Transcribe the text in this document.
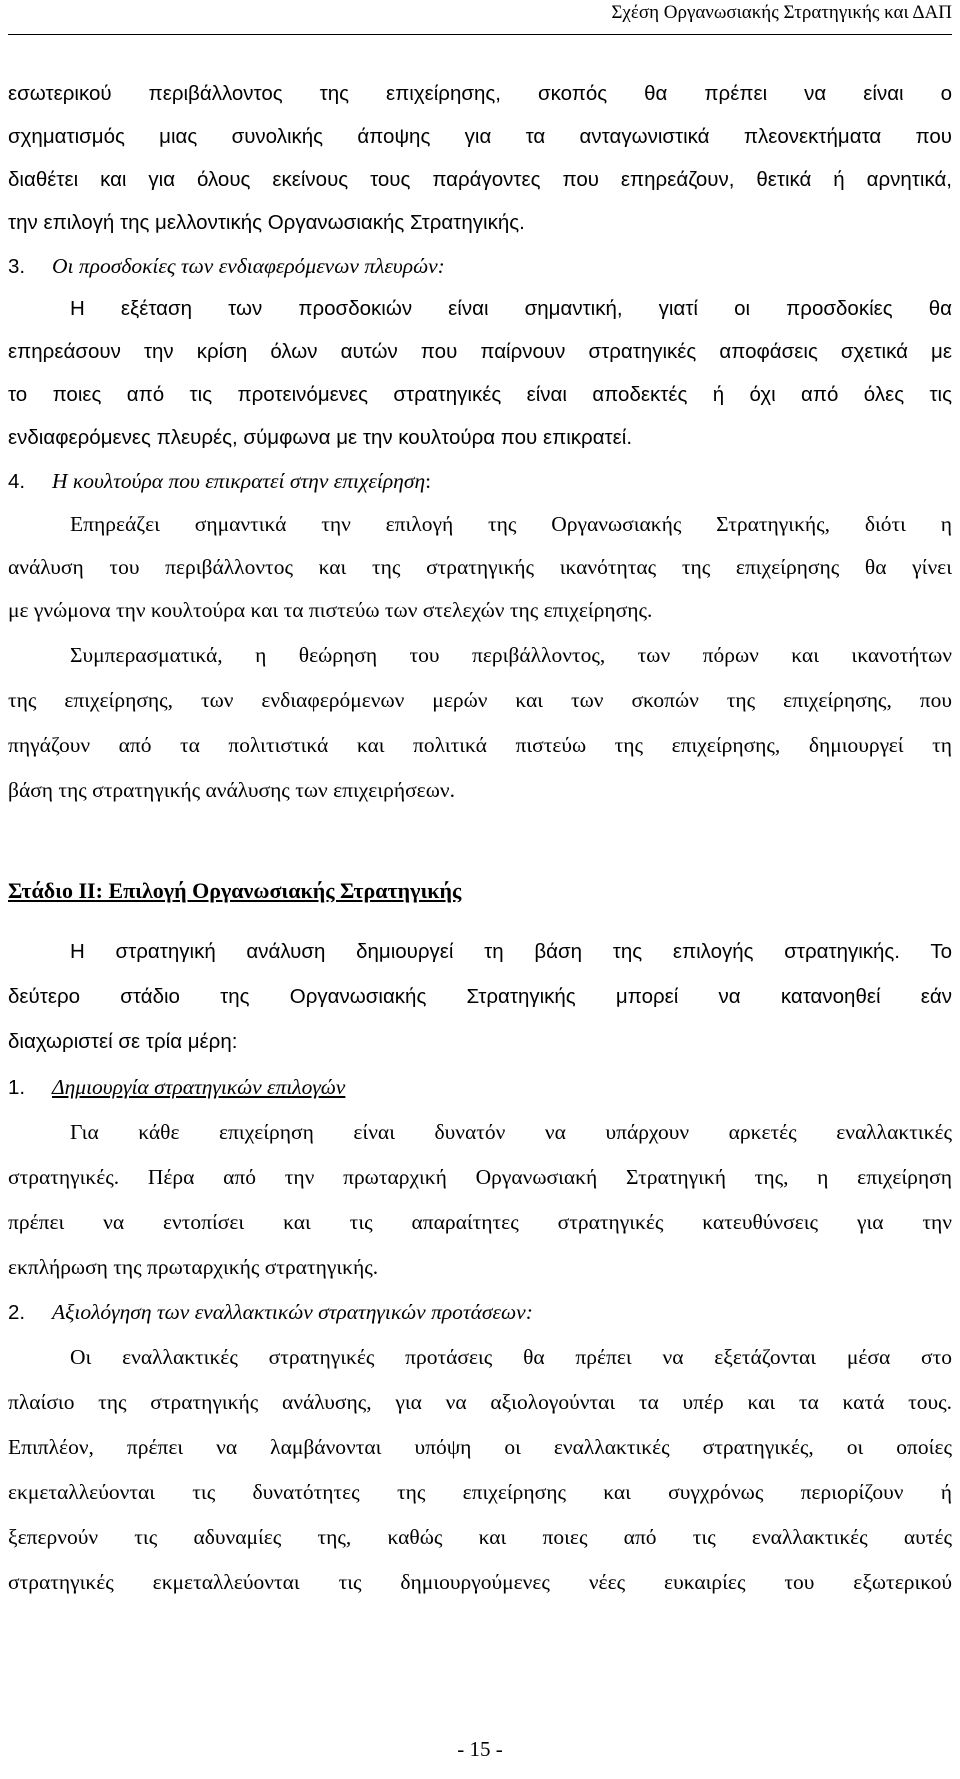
Σχέση Οργανωσιακής Στρατηγικής και ΔΑΠ
εσωτερικού περιβάλλοντος της επιχείρησης, σκοπός θα πρέπει να είναι ο
σχηματισμός μιας συνολικής άποψης για τα ανταγωνιστικά πλεονεκτήματα που
διαθέτει και για όλους εκείνους τους παράγοντες που επηρεάζουν, θετικά ή αρνητικά,
την επιλογή της μελλοντικής Οργανωσιακής Στρατηγικής.
3. Οι προσδοκίες των ενδιαφερόμενων πλευρών:
Η εξέταση των προσδοκιών είναι σημαντική, γιατί οι προσδοκίες θα
επηρεάσουν την κρίση όλων αυτών που παίρνουν στρατηγικές αποφάσεις σχετικά με
το ποιες από τις προτεινόμενες στρατηγικές είναι αποδεκτές ή όχι από όλες τις
ενδιαφερόμενες πλευρές, σύμφωνα με την κουλτούρα που επικρατεί.
4. Η κουλτούρα που επικρατεί στην επιχείρηση:
Επηρεάζει σημαντικά την επιλογή της Οργανωσιακής Στρατηγικής, διότι η
ανάλυση του περιβάλλοντος και της στρατηγικής ικανότητας της επιχείρησης θα γίνει
με γνώμονα την κουλτούρα και τα πιστεύω των στελεχών της επιχείρησης.
Συμπερασματικά, η θεώρηση του περιβάλλοντος, των πόρων και ικανοτήτων
της επιχείρησης, των ενδιαφερόμενων μερών και των σκοπών της επιχείρησης, που
πηγάζουν από τα πολιτιστικά και πολιτικά πιστεύω της επιχείρησης, δημιουργεί τη
βάση της στρατηγικής ανάλυσης των επιχειρήσεων.
Στάδιο ΙΙ: Επιλογή Οργανωσιακής Στρατηγικής
Η στρατηγική ανάλυση δημιουργεί τη βάση της επιλογής στρατηγικής. Το
δεύτερο στάδιο της Οργανωσιακής Στρατηγικής μπορεί να κατανοηθεί εάν
διαχωριστεί σε τρία μέρη:
1. Δημιουργία στρατηγικών επιλογών
Για κάθε επιχείρηση είναι δυνατόν να υπάρχουν αρκετές εναλλακτικές
στρατηγικές. Πέρα από την πρωταρχική Οργανωσιακή Στρατηγική της, η επιχείρηση
πρέπει να εντοπίσει και τις απαραίτητες στρατηγικές κατευθύνσεις για την
εκπλήρωση της πρωταρχικής στρατηγικής.
2. Αξιολόγηση των εναλλακτικών στρατηγικών προτάσεων:
Οι εναλλακτικές στρατηγικές προτάσεις θα πρέπει να εξετάζονται μέσα στο
πλαίσιο της στρατηγικής ανάλυσης, για να αξιολογούνται τα υπέρ και τα κατά τους.
Επιπλέον, πρέπει να λαμβάνονται υπόψη οι εναλλακτικές στρατηγικές, οι οποίες
εκμεταλλεύονται τις δυνατότητες της επιχείρησης και συγχρόνως περιορίζουν ή
ξεπερνούν τις αδυναμίες της, καθώς και ποιες από τις εναλλακτικές αυτές
στρατηγικές εκμεταλλεύονται τις δημιουργούμενες νέες ευκαιρίες του εξωτερικού
- 15 -
